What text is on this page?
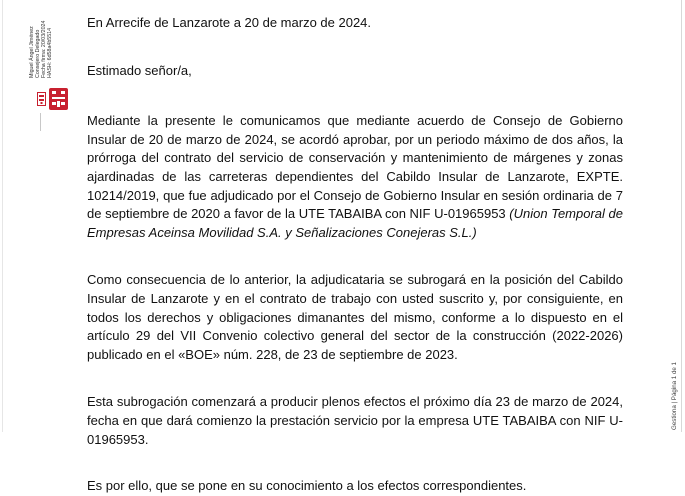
Miguel Ángel Jiménez Consejero Delegado Fecha firma: 20/03/2024 HASH: 6d58a4b5514

En Arrecife de Lanzarote a 20 de marzo de 2024.

Estimado señor/a,

Mediante la presente le comunicamos que mediante acuerdo de Consejo de Gobierno Insular de 20 de marzo de 2024, se acordó aprobar, por un periodo máximo de dos años, la prórroga del contrato del servicio de conservación y mantenimiento de márgenes y zonas ajardinadas de las carreteras dependientes del Cabildo Insular de Lanzarote, EXPTE. 10214/2019, que fue adjudicado por el Consejo de Gobierno Insular en sesión ordinaria de 7 de septiembre de 2020 a favor de la UTE TABAIBA con NIF U-01965953 (Union Temporal de Empresas Aceinsa Movilidad S.A. y Señalizaciones Conejeras S.L.)

Como consecuencia de lo anterior, la adjudicataria se subrogará en la posición del Cabildo Insular de Lanzarote y en el contrato de trabajo con usted suscrito y, por consiguiente, en todos los derechos y obligaciones dimanantes del mismo, conforme a lo dispuesto en el artículo 29 del VII Convenio colectivo general del sector de la construcción (2022-2026) publicado en el «BOE» núm. 228, de 23 de septiembre de 2023.

Esta subrogación comenzará a producir plenos efectos el próximo día 23 de marzo de 2024, fecha en que dará comienzo la prestación servicio por la empresa UTE TABAIBA con NIF U-01965953.

Es por ello, que se pone en su conocimiento a los efectos correspondientes.

Gestiona | Página 1 de 1
